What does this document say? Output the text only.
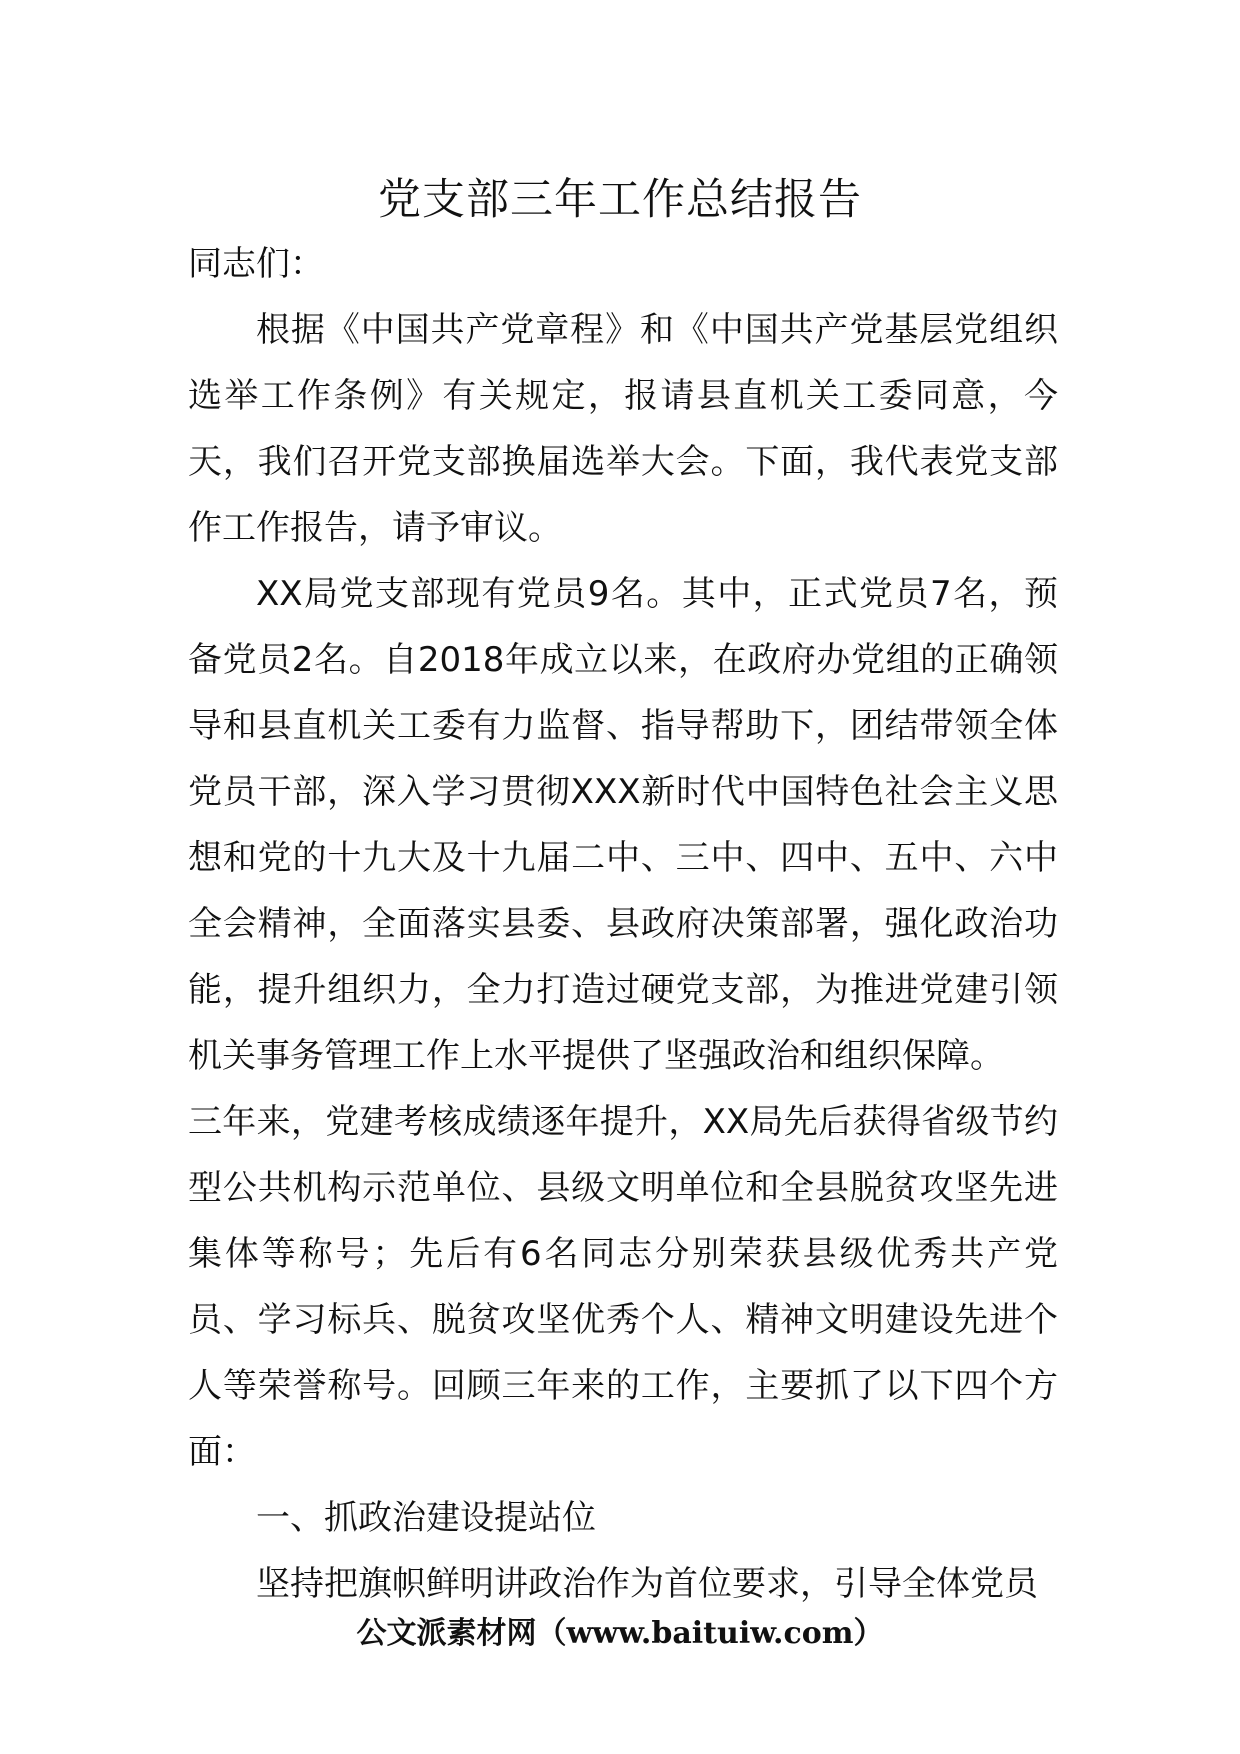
党支部三年工作总结报告

同志们：

根据《中国共产党章程》和《中国共产党基层党组织选举工作条例》有关规定，报请县直机关工委同意，今天，我们召开党支部换届选举大会。下面，我代表党支部作工作报告，请予审议。

XX局党支部现有党员9名。其中，正式党员7名，预备党员2名。自2018年成立以来，在政府办党组的正确领导和县直机关工委有力监督、指导帮助下，团结带领全体党员干部，深入学习贯彻XXX新时代中国特色社会主义思想和党的十九大及十九届二中、三中、四中、五中、六中全会精神，全面落实县委、县政府决策部署，强化政治功能，提升组织力，全力打造过硬党支部，为推进党建引领机关事务管理工作上水平提供了坚强政治和组织保障。

三年来，党建考核成绩逐年提升，XX局先后获得省级节约型公共机构示范单位、县级文明单位和全县脱贫攻坚先进集体等称号；先后有6名同志分别荣获县级优秀共产党员、学习标兵、脱贫攻坚优秀个人、精神文明建设先进个人等荣誉称号。回顾三年来的工作，主要抓了以下四个方面：

一、抓政治建设提站位

坚持把旗帜鲜明讲政治作为首位要求，引导全体党员

公文派素材网（www.baituiw.com）
